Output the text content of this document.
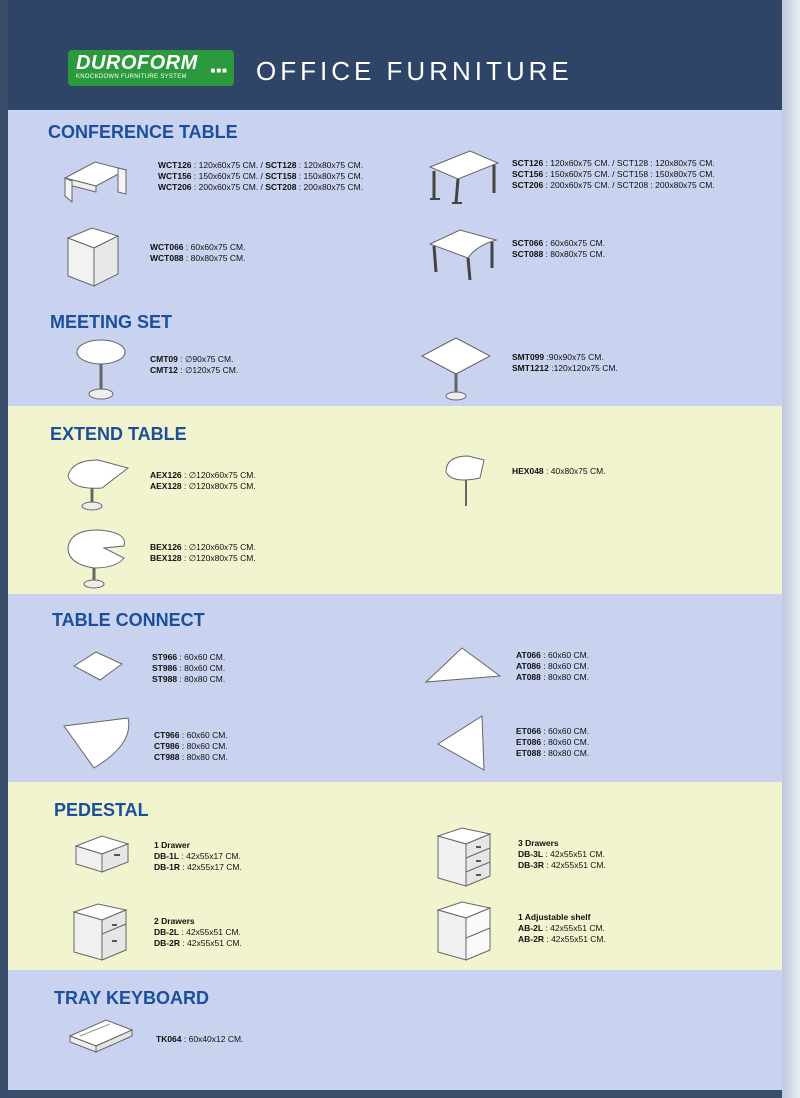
DUROFORM
KNOCKDOWN FURNITURE SYSTEM
■■■ OFFICE FURNITURE
CONFERENCE TABLE
WCT126 : 120x60x75 CM. / SCT128 : 120x80x75 CM.
WCT156 : 150x60x75 CM. / SCT158 : 150x80x75 CM.
WCT206 : 200x60x75 CM. / SCT208 : 200x80x75 CM.
SCT126 : 120x60x75 CM. / SCT128 : 120x80x75 CM.
SCT156 : 150x60x75 CM. / SCT158 : 150x80x75 CM.
SCT206 : 200x60x75 CM. / SCT208 : 200x80x75 CM.
WCT066 : 60x60x75 CM.
WCT088 : 80x80x75 CM.
SCT066 : 60x60x75 CM.
SCT088 : 80x80x75 CM.
MEETING SET
CMT09 : ∅90x75 CM.
CMT12 : ∅120x75 CM.
SMT099 :90x90x75 CM.
SMT1212 :120x120x75 CM.
EXTEND TABLE
AEX126 : ∅120x60x75 CM.
AEX128 : ∅120x80x75 CM.
HEX048 : 40x80x75 CM.
BEX126 : ∅120x60x75 CM.
BEX128 : ∅120x80x75 CM.
TABLE CONNECT
ST966 : 60x60 CM.
ST986 : 80x60 CM.
ST988 : 80x80 CM.
AT066 : 60x60 CM.
AT086 : 80x60 CM.
AT088 : 80x80 CM.
CT966 : 60x60 CM.
CT986 : 80x60 CM.
CT988 : 80x80 CM.
ET066 : 60x60 CM.
ET086 : 80x60 CM.
ET088 : 80x80 CM.
PEDESTAL
1 Drawer
DB-1L : 42x55x17 CM.
DB-1R : 42x55x17 CM.
3 Drawers
DB-3L : 42x55x51 CM.
DB-3R : 42x55x51 CM.
2 Drawers
DB-2L : 42x55x51 CM.
DB-2R : 42x55x51 CM.
1 Adjustable shelf
AB-2L : 42x55x51 CM.
AB-2R : 42x55x51 CM.
TRAY KEYBOARD
TK064 : 60x40x12 CM.
